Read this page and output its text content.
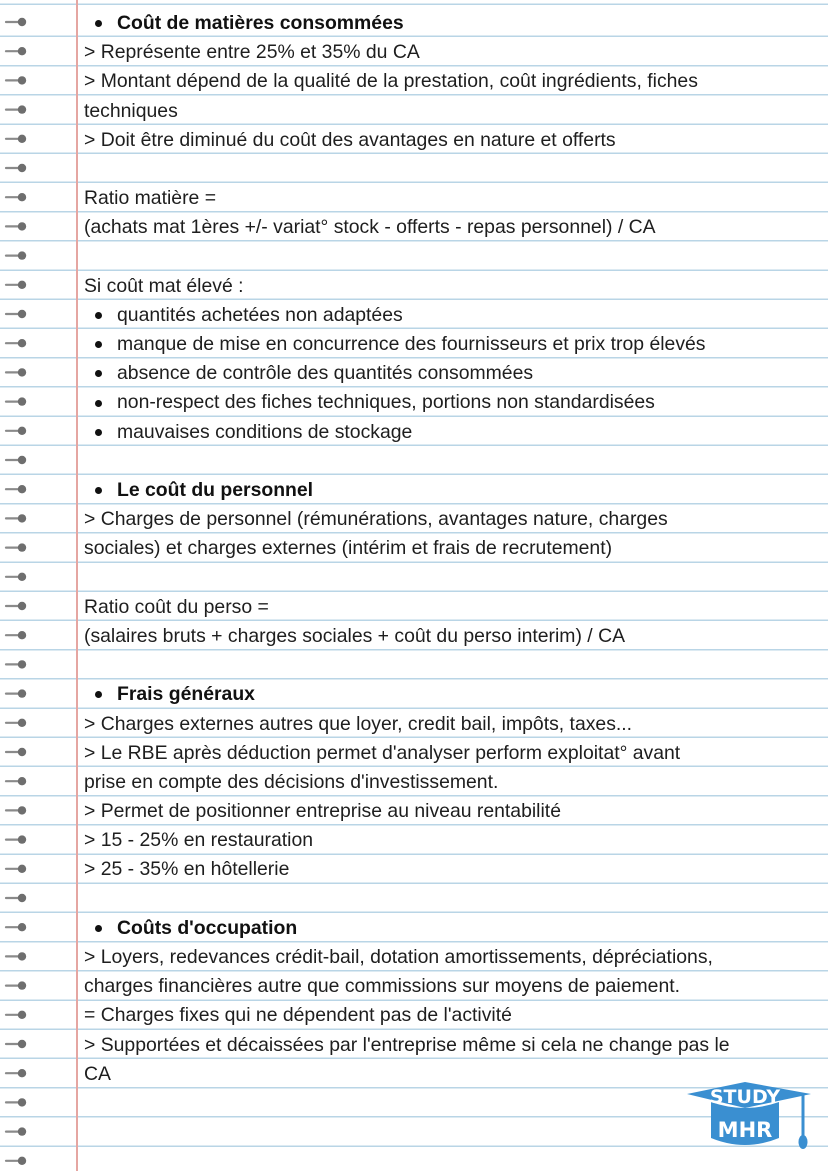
Coût de matières consommées
> Représente entre 25% et 35% du CA
> Montant dépend de la qualité de la prestation, coût ingrédients, fiches
techniques
> Doit être diminué du coût des avantages en nature et offerts
Ratio matière =
(achats mat 1ères +/- variat° stock - offerts - repas personnel) / CA
Si coût mat élevé :
quantités achetées non adaptées
manque de mise en concurrence des fournisseurs et prix trop élevés
absence de contrôle des quantités consommées
non-respect des fiches techniques, portions non standardisées
mauvaises conditions de stockage
Le coût du personnel
> Charges de personnel (rémunérations, avantages nature, charges
sociales) et charges externes (intérim et frais de recrutement)
Ratio coût du perso =
(salaires bruts + charges sociales + coût du perso interim) / CA
Frais généraux
> Charges externes autres que loyer, credit bail, impôts, taxes...
> Le RBE après déduction permet d'analyser perform exploitat° avant
prise en compte des décisions d'investissement.
> Permet de positionner entreprise au niveau rentabilité
> 15 - 25% en restauration
> 25 - 35% en hôtellerie
Coûts d'occupation
> Loyers, redevances crédit-bail, dotation amortissements, dépréciations,
charges financières autre que commissions sur moyens de paiement.
= Charges fixes qui ne dépendent pas de l'activité
> Supportées et décaissées par l'entreprise même si cela ne change pas le
CA
STUDY
MHR
